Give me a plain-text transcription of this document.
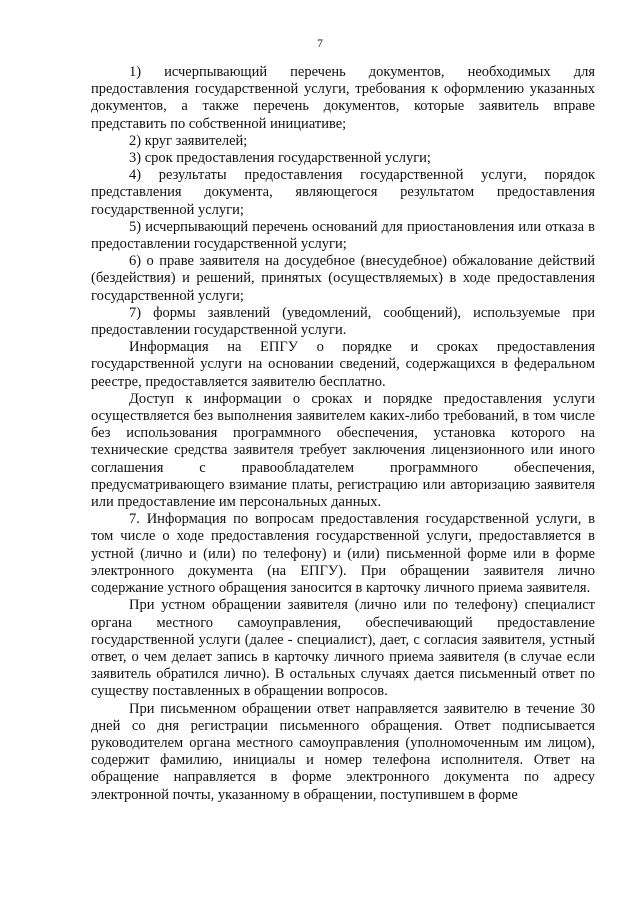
7

1) исчерпывающий перечень документов, необходимых для предоставления государственной услуги, требования к оформлению указанных документов, а также перечень документов, которые заявитель вправе представить по собственной инициативе;

2) круг заявителей;

3) срок предоставления государственной услуги;

4) результаты предоставления государственной услуги, порядок представления документа, являющегося результатом предоставления государственной услуги;

5) исчерпывающий перечень оснований для приостановления или отказа в предоставлении государственной услуги;

6) о праве заявителя на досудебное (внесудебное) обжалование действий (бездействия) и решений, принятых (осуществляемых) в ходе предоставления государственной услуги;

7) формы заявлений (уведомлений, сообщений), используемые при предоставлении государственной услуги.

Информация на ЕПГУ о порядке и сроках предоставления государственной услуги на основании сведений, содержащихся в федеральном реестре, предоставляется заявителю бесплатно.

Доступ к информации о сроках и порядке предоставления услуги осуществляется без выполнения заявителем каких-либо требований, в том числе без использования программного обеспечения, установка которого на технические средства заявителя требует заключения лицензионного или иного соглашения с правообладателем программного обеспечения, предусматривающего взимание платы, регистрацию или авторизацию заявителя или предоставление им персональных данных.

7. Информация по вопросам предоставления государственной услуги, в том числе о ходе предоставления государственной услуги, предоставляется в устной (лично и (или) по телефону) и (или) письменной форме или в форме электронного документа (на ЕПГУ). При обращении заявителя лично содержание устного обращения заносится в карточку личного приема заявителя.

При устном обращении заявителя (лично или по телефону) специалист органа местного самоуправления, обеспечивающий предоставление государственной услуги (далее - специалист), дает, с согласия заявителя, устный ответ, о чем делает запись в карточку личного приема заявителя (в случае если заявитель обратился лично). В остальных случаях дается письменный ответ по существу поставленных в обращении вопросов.

При письменном обращении ответ направляется заявителю в течение 30 дней со дня регистрации письменного обращения. Ответ подписывается руководителем органа местного самоуправления (уполномоченным им лицом), содержит фамилию, инициалы и номер телефона исполнителя. Ответ на обращение направляется в форме электронного документа по адресу электронной почты, указанному в обращении, поступившем в форме
